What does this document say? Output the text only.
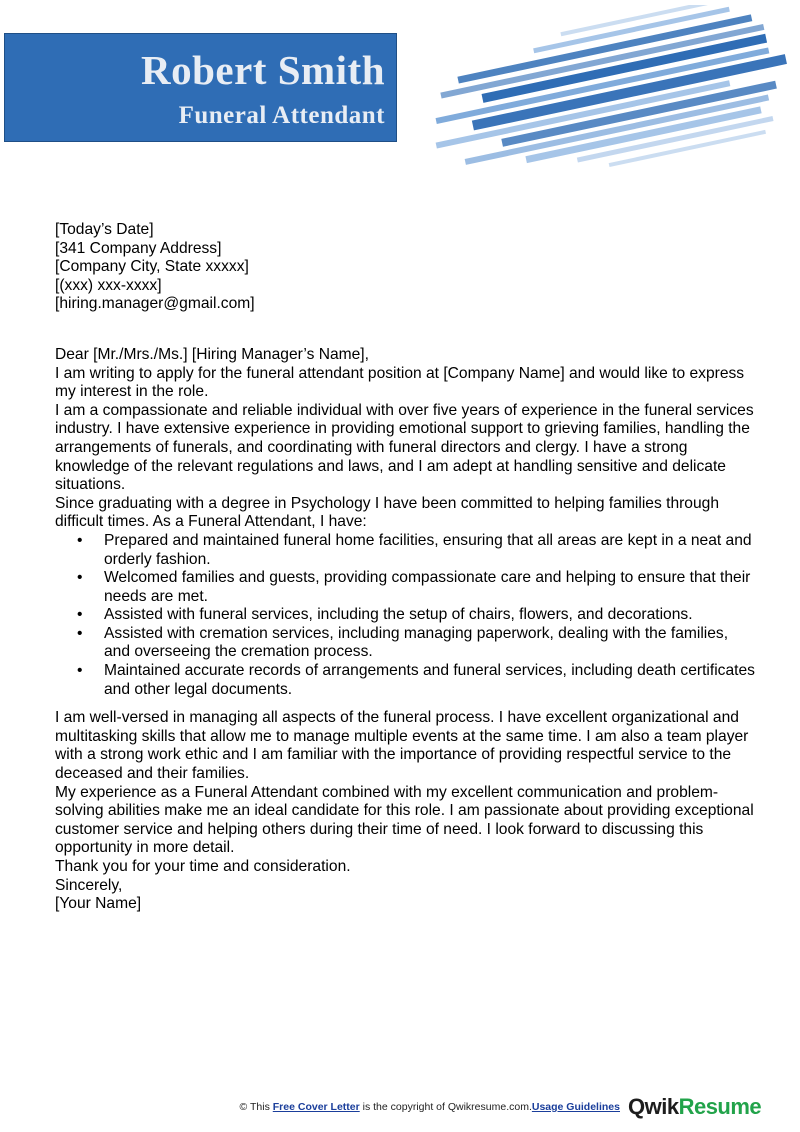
Robert Smith
Funeral Attendant

[Today’s Date]

[341 Company Address]

[Company City, State xxxxx]

[(xxx) xxx-xxxx]

[hiring.manager@gmail.com]

Dear [Mr./Mrs./Ms.] [Hiring Manager’s Name],

I am writing to apply for the funeral attendant position at [Company Name] and would like to express my interest in the role.

I am a compassionate and reliable individual with over five years of experience in the funeral services industry. I have extensive experience in providing emotional support to grieving families, handling the arrangements of funerals, and coordinating with funeral directors and clergy. I have a strong knowledge of the relevant regulations and laws, and I am adept at handling sensitive and delicate situations.

Since graduating with a degree in Psychology I have been committed to helping families through difficult times. As a Funeral Attendant, I have:

• Prepared and maintained funeral home facilities, ensuring that all areas are kept in a neat and orderly fashion.
• Welcomed families and guests, providing compassionate care and helping to ensure that their needs are met.
• Assisted with funeral services, including the setup of chairs, flowers, and decorations.
• Assisted with cremation services, including managing paperwork, dealing with the families, and overseeing the cremation process.
• Maintained accurate records of arrangements and funeral services, including death certificates and other legal documents.

I am well-versed in managing all aspects of the funeral process. I have excellent organizational and multitasking skills that allow me to manage multiple events at the same time. I am also a team player with a strong work ethic and I am familiar with the importance of providing respectful service to the deceased and their families.

My experience as a Funeral Attendant combined with my excellent communication and problem-solving abilities make me an ideal candidate for this role. I am passionate about providing exceptional customer service and helping others during their time of need. I look forward to discussing this opportunity in more detail.

Thank you for your time and consideration.

Sincerely,

[Your Name]

© This Free Cover Letter is the copyright of Qwikresume.com.Usage Guidelines QwikResume
